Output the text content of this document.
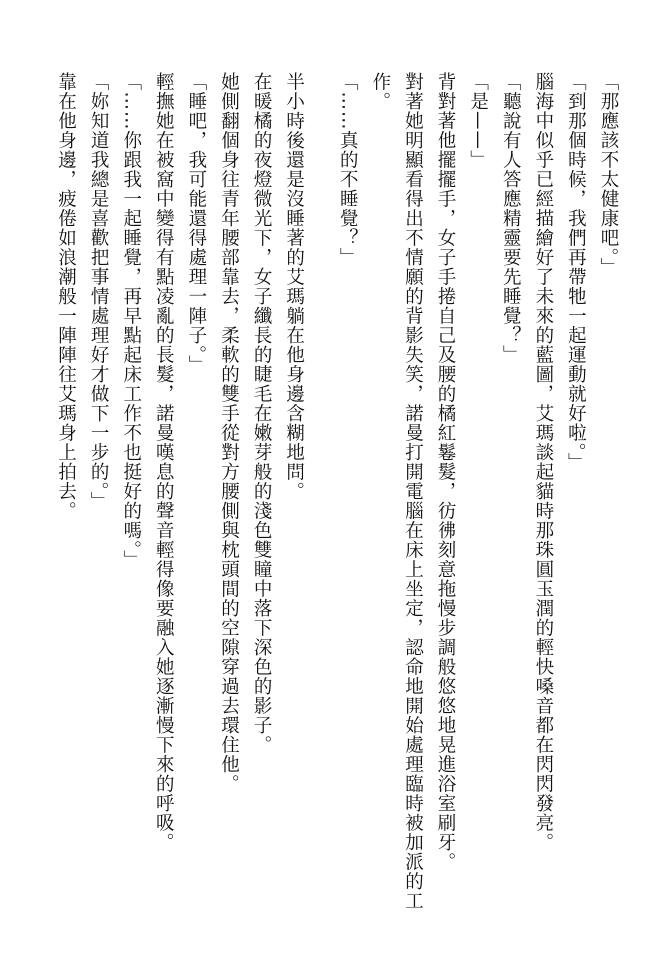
「那應該不太健康吧。」

「到那個時候，我們再帶牠一起運動就好啦。」

腦海中似乎已經描繪好了未來的藍圖，艾瑪談起貓時那珠圓玉潤的輕快嗓音都在閃閃發亮。

「聽說有人答應精靈要先睡覺？」

「是——」

背對著他擺擺手，女子手捲自己及腰的橘紅鬈髮，彷彿刻意拖慢步調般悠悠地晃進浴室刷牙。

對著她明顯看得出不情願的背影失笑，諾曼打開電腦在床上坐定，認命地開始處理臨時被加派的工作。

「……真的不睡覺？」

半小時後還是沒睡著的艾瑪躺在他身邊含糊地問。

在暖橘的夜燈微光下，女子纖長的睫毛在嫩芽般的淺色雙瞳中落下深色的影子。

她側翻個身往青年腰部靠去，柔軟的雙手從對方腰側與枕頭間的空隙穿過去環住他。

「睡吧，我可能還得處理一陣子。」

輕撫她在被窩中變得有點凌亂的長髮，諾曼嘆息的聲音輕得像要融入她逐漸慢下來的呼吸。

「……你跟我一起睡覺，再早點起床工作不也挺好的嗎。」

「妳知道我總是喜歡把事情處理好才做下一步的。」

靠在他身邊，疲倦如浪潮般一陣陣往艾瑪身上拍去。
